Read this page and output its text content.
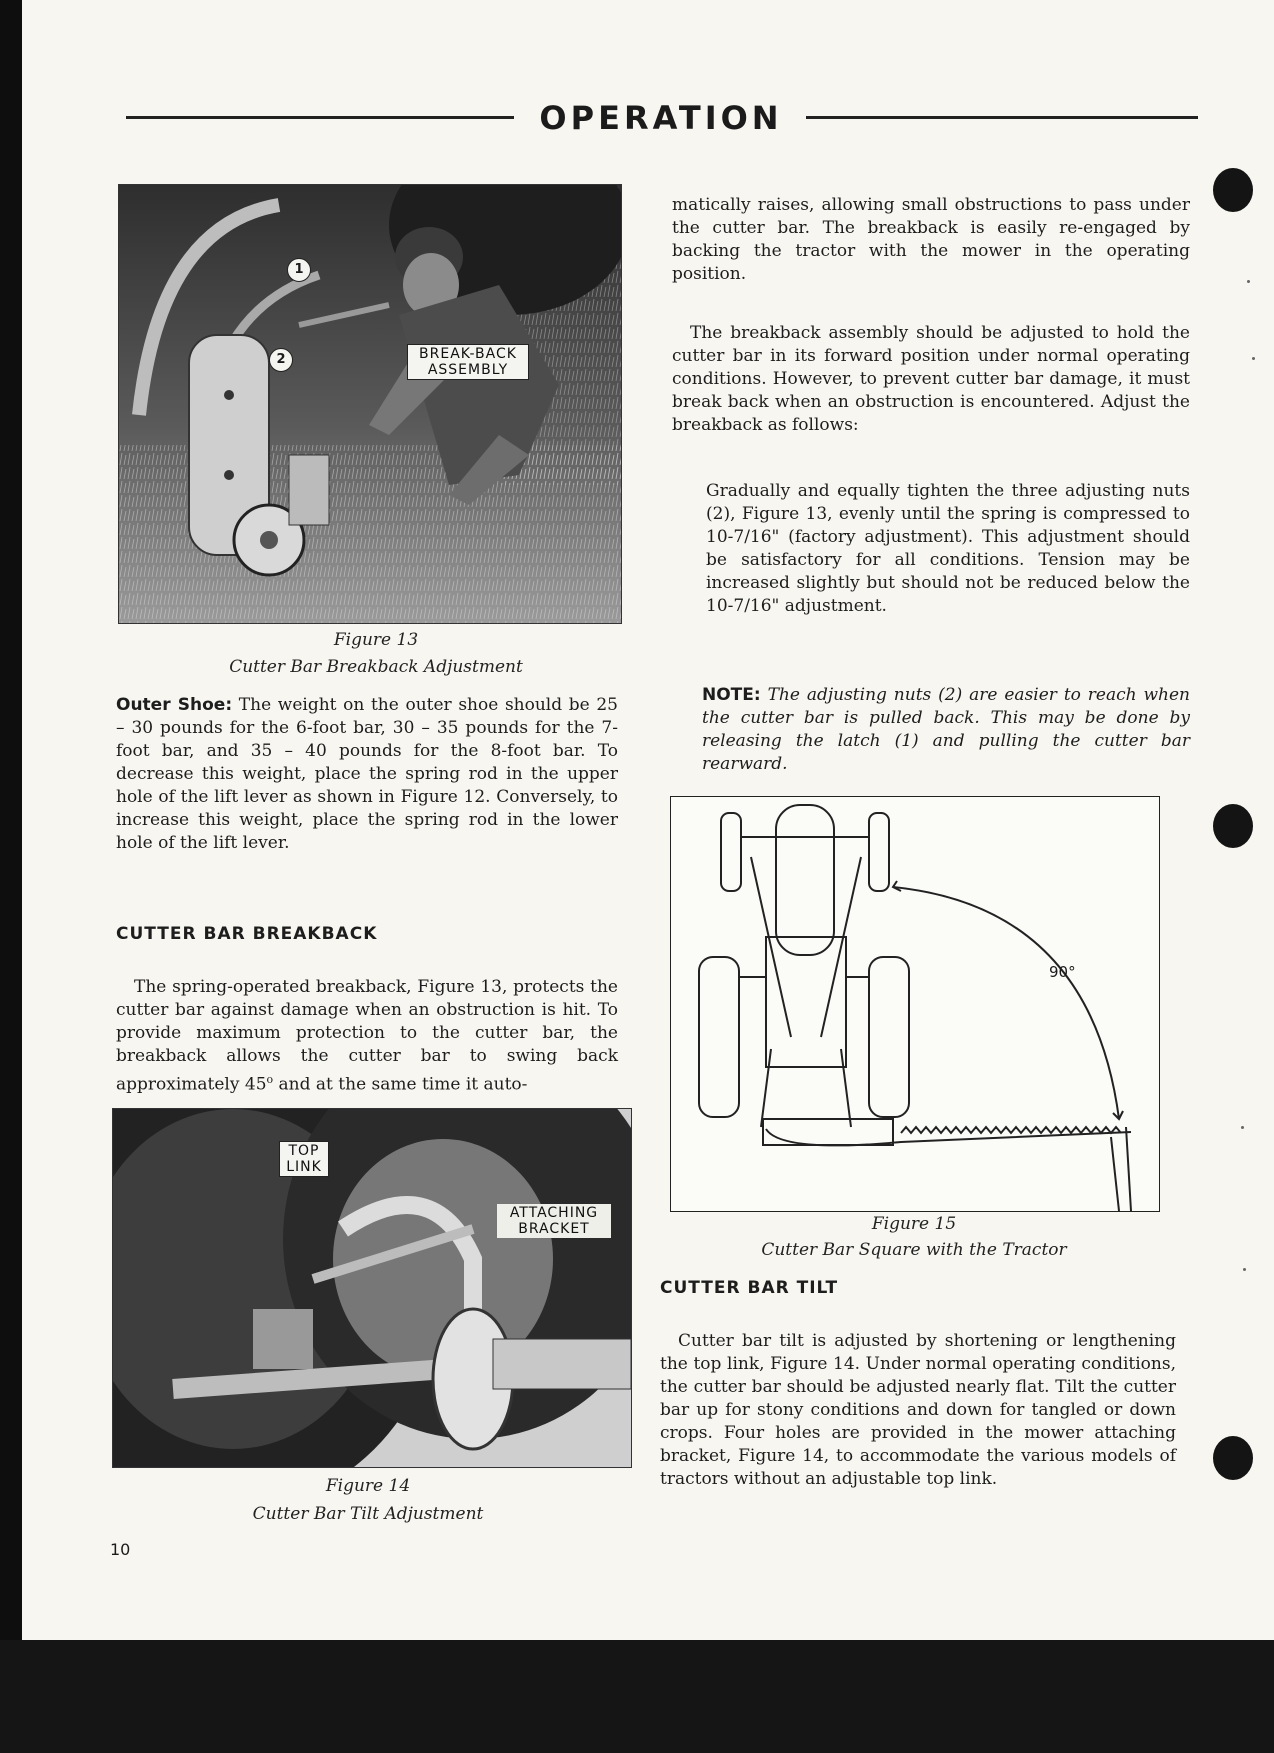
OPERATION
1
2	BREAK-BACK
ASSEMBLY
Figure 13
Cutter Bar Breakback Adjustment
Outer Shoe: The weight on the outer shoe should be 25 – 30 pounds for the 6-foot bar, 30 – 35 pounds for the 7-foot bar, and 35 – 40 pounds for the 8-foot bar. To decrease this weight, place the spring rod in the upper hole of the lift lever as shown in Figure 12. Conversely, to increase this weight, place the spring rod in the lower hole of the lift lever.
CUTTER BAR BREAKBACK
The spring-operated breakback, Figure 13, protects the cutter bar against damage when an obstruction is hit. To provide maximum protection to the cutter bar, the breakback allows the cutter bar to swing back approximately 45$^o$ and at the same time it auto-
TOP
LINK
ATTACHING
BRACKET
Figure 14
Cutter Bar Tilt Adjustment
10
matically raises, allowing small obstructions to pass under the cutter bar. The breakback is easily re-engaged by backing the tractor with the mower in the operating position.
The breakback assembly should be adjusted to hold the cutter bar in its forward position under normal operating conditions. However, to prevent cutter bar damage, it must break back when an obstruction is encountered. Adjust the breakback as follows:
Gradually and equally tighten the three adjusting nuts (2), Figure 13, evenly until the spring is compressed to 10-7/16" (factory adjustment). This adjustment should be satisfactory for all conditions. Tension may be increased slightly but should not be reduced below the 10-7/16" adjustment.
NOTE: The adjusting nuts (2) are easier to reach when the cutter bar is pulled back. This may be done by releasing the latch (1) and pulling the cutter bar rearward.
90°
Figure 15
Cutter Bar Square with the Tractor
CUTTER BAR TILT
Cutter bar tilt is adjusted by shortening or lengthening the top link, Figure 14. Under normal operating conditions, the cutter bar should be adjusted nearly flat. Tilt the cutter bar up for stony conditions and down for tangled or down crops. Four holes are provided in the mower attaching bracket, Figure 14, to accommodate the various models of tractors without an adjustable top link.
